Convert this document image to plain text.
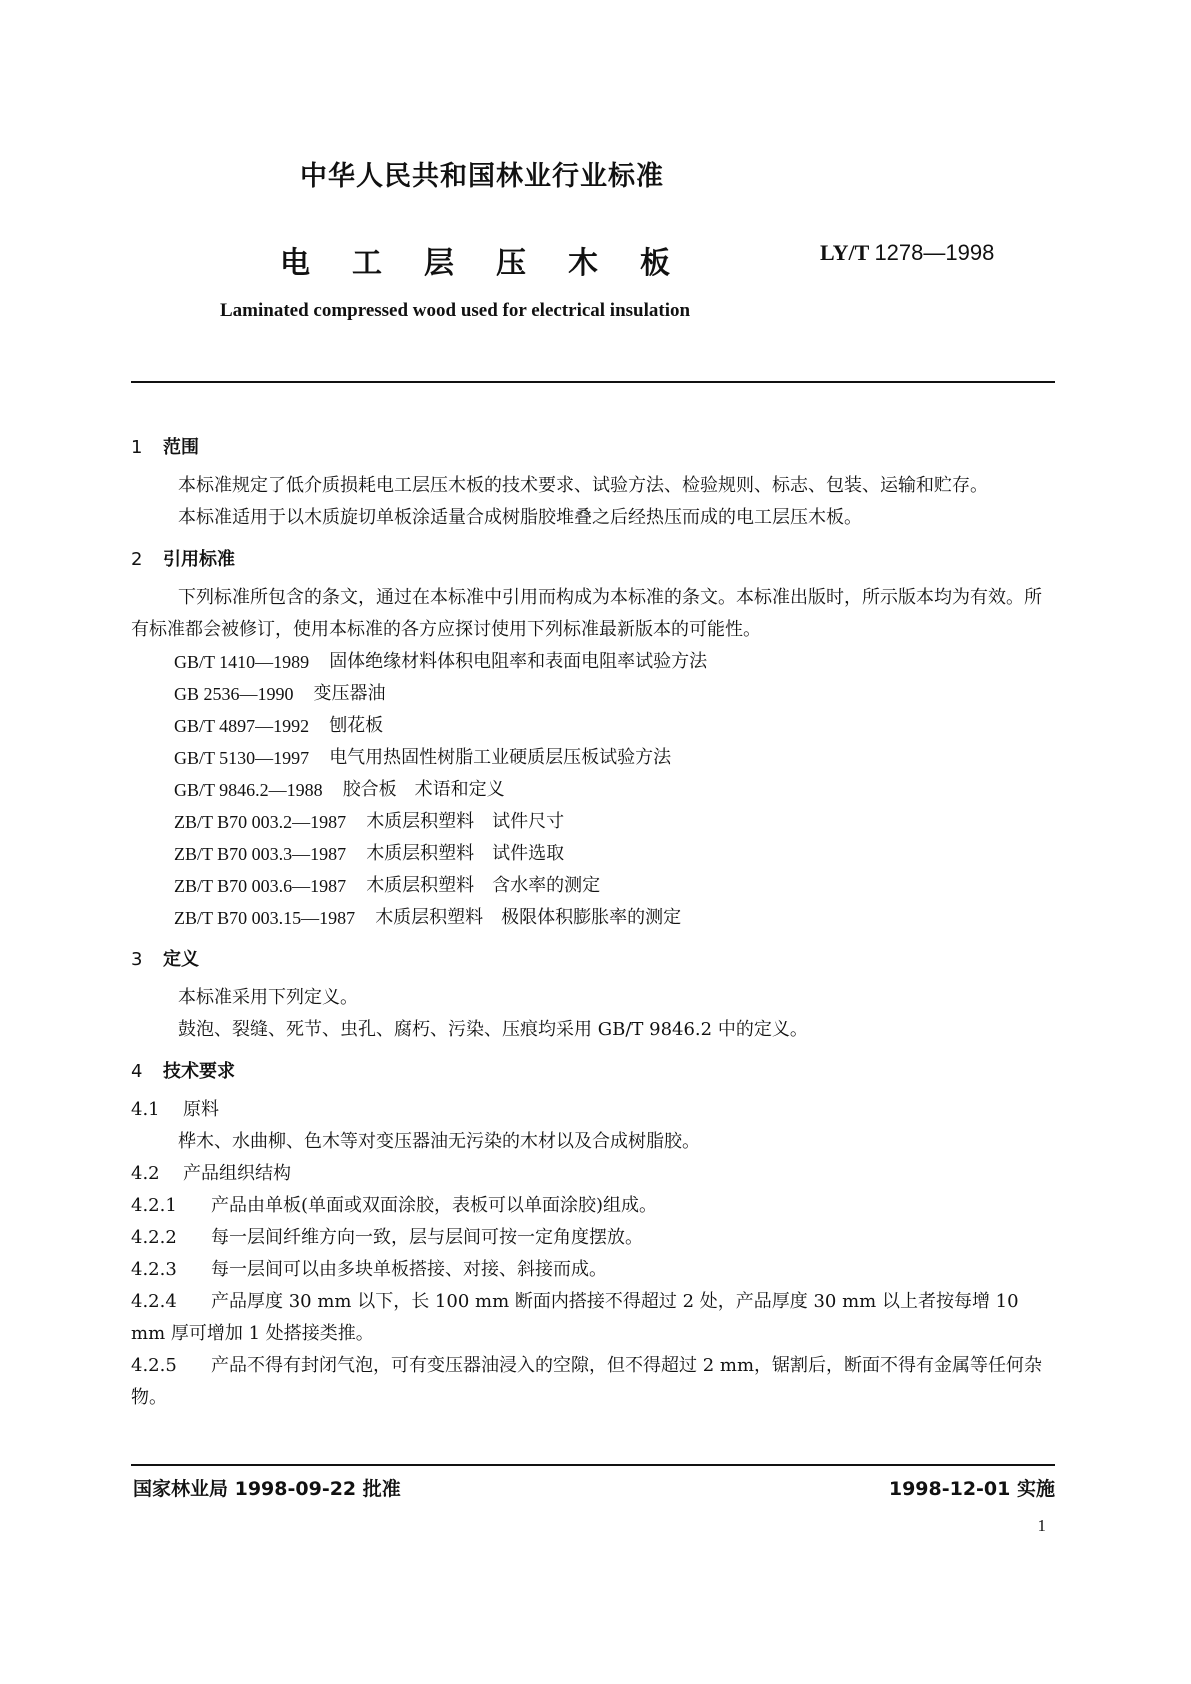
中华人民共和国林业行业标准
电工层压木板	LY/T 1278—1998
Laminated compressed wood used for electrical insulation
1 范围

本标准规定了低介质损耗电工层压木板的技术要求、试验方法、检验规则、标志、包装、运输和贮存。

本标准适用于以木质旋切单板涂适量合成树脂胶堆叠之后经热压而成的电工层压木板。

2 引用标准

下列标准所包含的条文，通过在本标准中引用而构成为本标准的条文。本标准出版时，所示版本均为有效。所有标准都会被修订，使用本标准的各方应探讨使用下列标准最新版本的可能性。

GB/T 1410—1989 固体绝缘材料体积电阻率和表面电阻率试验方法
GB 2536—1990 变压器油
GB/T 4897—1992 刨花板
GB/T 5130—1997 电气用热固性树脂工业硬质层压板试验方法
GB/T 9846.2—1988 胶合板　术语和定义
ZB/T B70 003.2—1987 木质层积塑料　试件尺寸
ZB/T B70 003.3—1987 木质层积塑料　试件选取
ZB/T B70 003.6—1987 木质层积塑料　含水率的测定
ZB/T B70 003.15—1987 木质层积塑料　极限体积膨胀率的测定
3 定义

本标准采用下列定义。

鼓泡、裂缝、死节、虫孔、腐朽、污染、压痕均采用 GB/T 9846.2 中的定义。

4 技术要求

4.1 原料

桦木、水曲柳、色木等对变压器油无污染的木材以及合成树脂胶。

4.2 产品组织结构

4.2.1 产品由单板(单面或双面涂胶，表板可以单面涂胶)组成。

4.2.2 每一层间纤维方向一致，层与层间可按一定角度摆放。

4.2.3 每一层间可以由多块单板搭接、对接、斜接而成。

4.2.4 产品厚度 30 mm 以下，长 100 mm 断面内搭接不得超过 2 处，产品厚度 30 mm 以上者按每增 10 mm 厚可增加 1 处搭接类推。

4.2.5 产品不得有封闭气泡，可有变压器油浸入的空隙，但不得超过 2 mm，锯割后，断面不得有金属等任何杂物。

国家林业局 1998-09-22 批准	1998-12-01 实施
1
